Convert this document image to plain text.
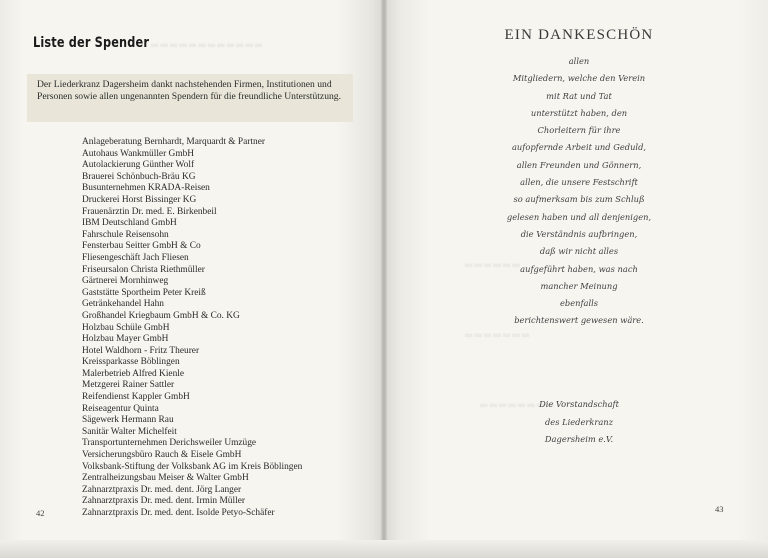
Liste der Spender
Der Liederkranz Dagersheim dankt nachstehenden Firmen, Institutionen und Personen sowie allen ungenannten Spendern für die freundliche Unterstützung.
Anlageberatung Bernhardt, Marquardt & Partner
Autohaus Wankmüller GmbH
Autolackierung Günther Wolf
Brauerei Schönbuch-Bräu KG
Busunternehmen KRADA-Reisen
Druckerei Horst Bissinger KG
Frauenärztin Dr. med. E. Birkenbeil
IBM Deutschland GmbH
Fahrschule Reisensohn
Fensterbau Seitter GmbH & Co
Fliesengeschäft Jach Fliesen
Friseursalon Christa Riethmüller
Gärtnerei Mornhinweg
Gaststätte Sportheim Peter Kreiß
Getränkehandel Hahn
Großhandel Kriegbaum GmbH & Co. KG
Holzbau Schüle GmbH
Holzbau Mayer GmbH
Hotel Waldhorn - Fritz Theurer
Kreissparkasse Böblingen
Malerbetrieb Alfred Kienle
Metzgerei Rainer Sattler
Reifendienst Kappler GmbH
Reiseagentur Quinta
Sägewerk Hermann Rau
Sanitär Walter Michelfeit
Transportunternehmen Derichsweiler Umzüge
Versicherungsbüro Rauch & Eisele GmbH
Volksbank-Stiftung der Volksbank AG im Kreis Böblingen
Zentralheizungsbau Meiser & Walter GmbH
Zahnarztpraxis Dr. med. dent. Jörg Langer
Zahnarztpraxis Dr. med. dent. Irmin Müller
Zahnarztpraxis Dr. med. dent. Isolde Petyo-Schäfer
42
EIN DANKESCHÖN
allen
Mitgliedern, welche den Verein
mit Rat und Tat
unterstützt haben, den
Chorleitern für ihre
aufopfernde Arbeit und Geduld,
allen Freunden und Gönnern,
allen, die unsere Festschrift
so aufmerksam bis zum Schluß
gelesen haben und all denjenigen,
die Verständnis aufbringen,
daß wir nicht alles
aufgeführt haben, was nach
mancher Meinung
ebenfalls
berichtenswert gewesen wäre.
Die Vorstandschaft
des Liederkranz
Dagersheim e.V.
43
